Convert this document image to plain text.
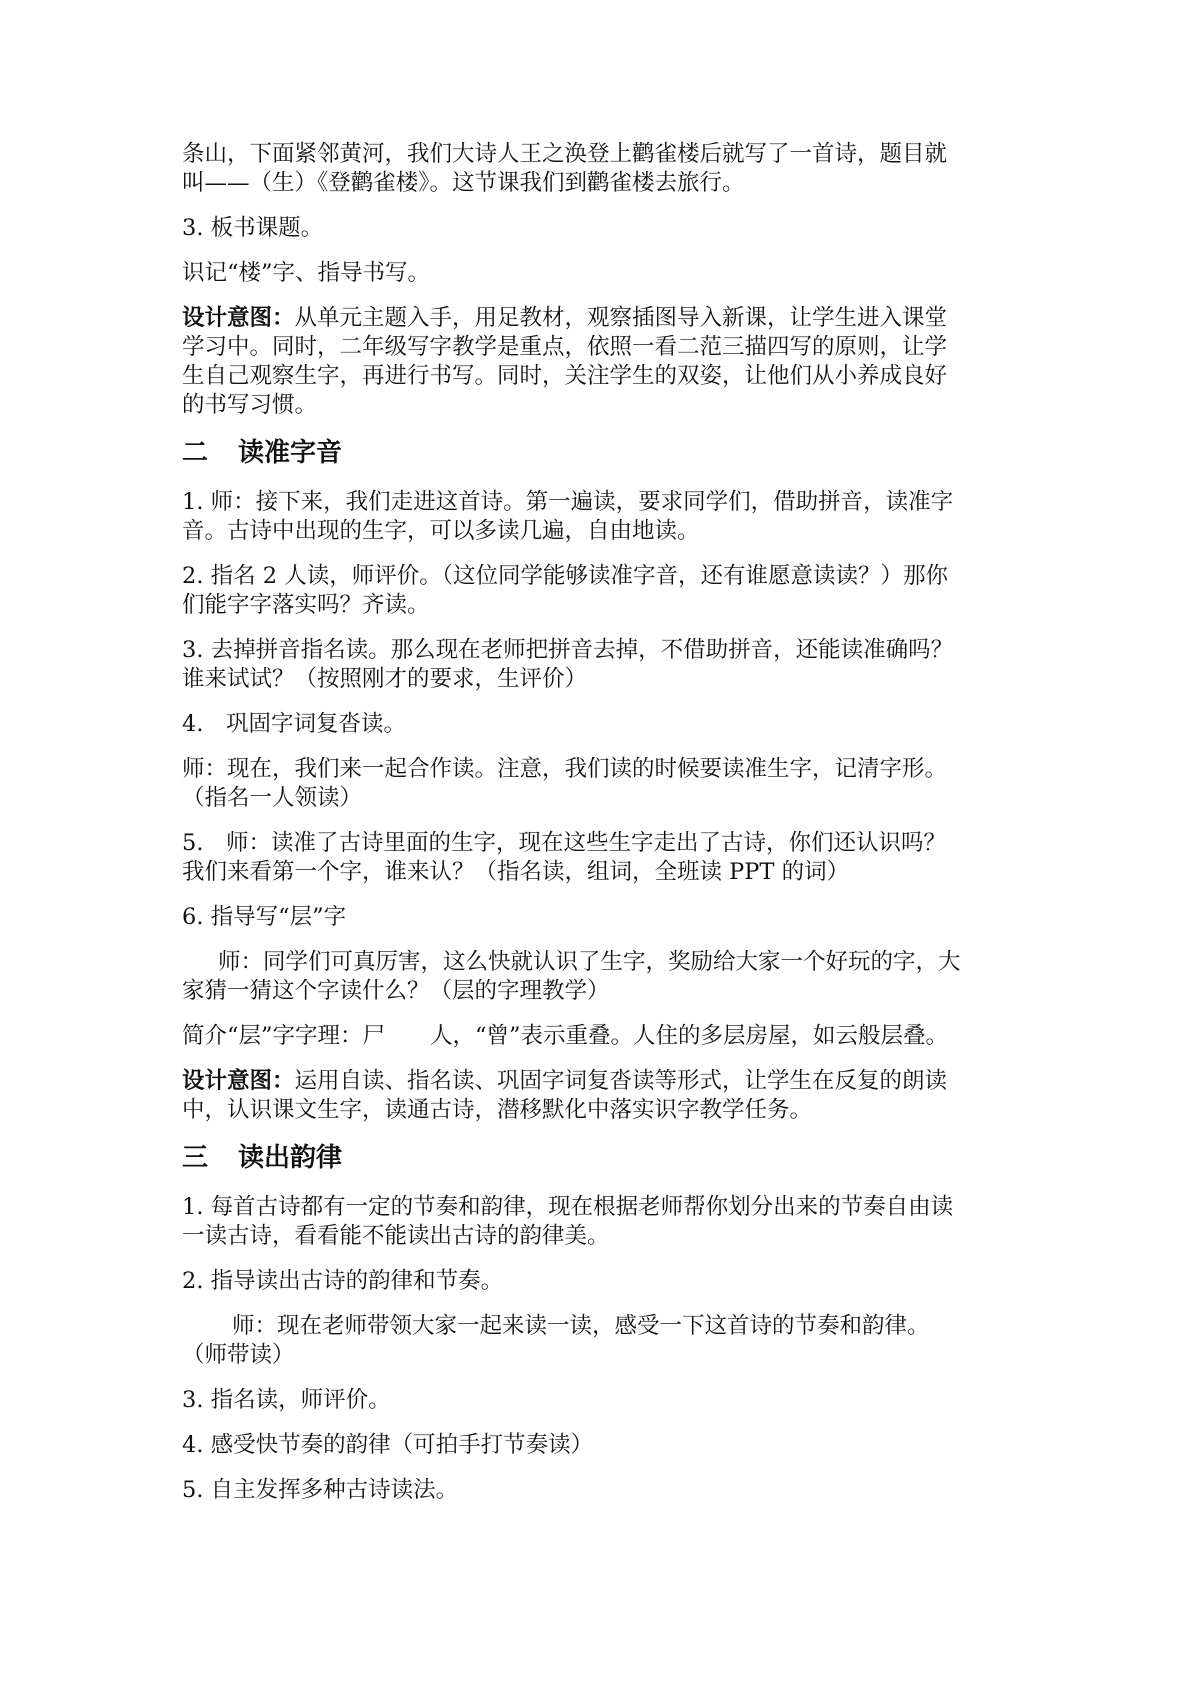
条山，下面紧邻黄河，我们大诗人王之涣登上鹳雀楼后就写了一首诗，题目就
叫——（生）《登鹳雀楼》。这节课我们到鹳雀楼去旅行。
3. 板书课题。
识记“楼”字、指导书写。
设计意图：从单元主题入手，用足教材，观察插图导入新课，让学生进入课堂
学习中。同时，二年级写字教学是重点，依照一看二范三描四写的原则，让学
生自己观察生字，再进行书写。同时，关注学生的双姿，让他们从小养成良好
的书写习惯。
二 读准字音
1. 师：接下来，我们走进这首诗。第一遍读，要求同学们，借助拼音，读准字
音。古诗中出现的生字，可以多读几遍，自由地读。
2. 指名 2 人读，师评价。（这位同学能够读准字音，还有谁愿意读读？）那你
们能字字落实吗？齐读。
3. 去掉拼音指名读。那么现在老师把拼音去掉，不借助拼音，还能读准确吗？
谁来试试？（按照刚才的要求，生评价）
4.　巩固字词复沓读。
师：现在，我们来一起合作读。注意，我们读的时候要读准生字，记清字形。
（指名一人领读）
5.　师：读准了古诗里面的生字，现在这些生字走出了古诗，你们还认识吗？
我们来看第一个字，谁来认？（指名读，组词，全班读 PPT 的词）
6. 指导写“层”字
师：同学们可真厉害，这么快就认识了生字，奖励给大家一个好玩的字，大
家猜一猜这个字读什么？（层的字理教学）
简介“层”字字理：尸　　人，“曾”表示重叠。人住的多层房屋，如云般层叠。
设计意图：运用自读、指名读、巩固字词复沓读等形式，让学生在反复的朗读
中，认识课文生字，读通古诗，潜移默化中落实识字教学任务。
三 读出韵律
1. 每首古诗都有一定的节奏和韵律，现在根据老师帮你划分出来的节奏自由读
一读古诗，看看能不能读出古诗的韵律美。
2. 指导读出古诗的韵律和节奏。
师：现在老师带领大家一起来读一读，感受一下这首诗的节奏和韵律。
（师带读）
3. 指名读，师评价。
4. 感受快节奏的韵律（可拍手打节奏读）
5. 自主发挥多种古诗读法。
